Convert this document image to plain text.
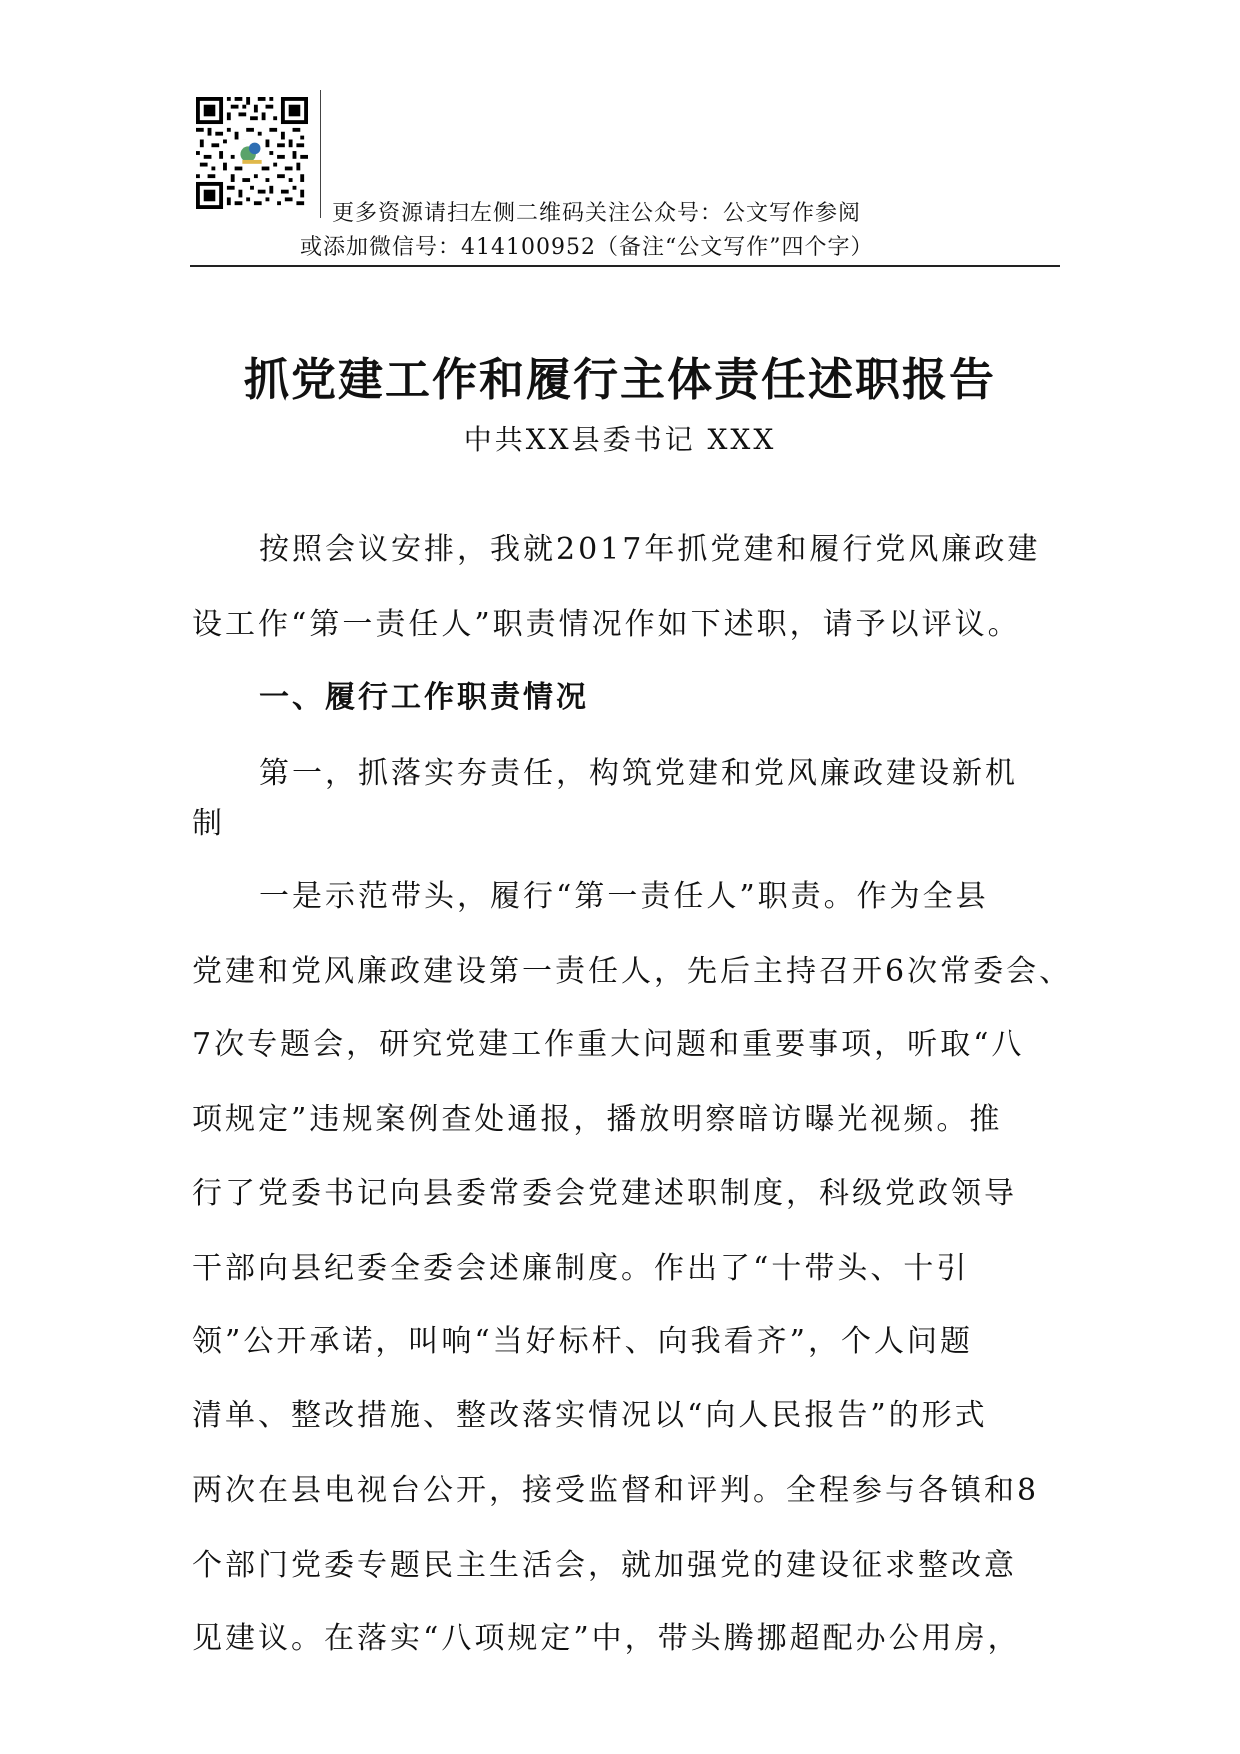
更多资源请扫左侧二维码关注公众号：公文写作参阅
或添加微信号：414100952（备注“公文写作”四个字）
抓党建工作和履行主体责任述职报告
中共XX县委书记 XXX
按照会议安排，我就2017年抓党建和履行党风廉政建
设工作“第一责任人”职责情况作如下述职，请予以评议。
一、履行工作职责情况
第一，抓落实夯责任，构筑党建和党风廉政建设新机
制
一是示范带头，履行“第一责任人”职责。作为全县
党建和党风廉政建设第一责任人，先后主持召开6次常委会、
7次专题会，研究党建工作重大问题和重要事项，听取“八
项规定”违规案例查处通报，播放明察暗访曝光视频。推
行了党委书记向县委常委会党建述职制度，科级党政领导
干部向县纪委全委会述廉制度。作出了“十带头、十引
领”公开承诺，叫响“当好标杆、向我看齐”，个人问题
清单、整改措施、整改落实情况以“向人民报告”的形式
两次在县电视台公开，接受监督和评判。全程参与各镇和8
个部门党委专题民主生活会，就加强党的建设征求整改意
见建议。在落实“八项规定”中，带头腾挪超配办公用房，
